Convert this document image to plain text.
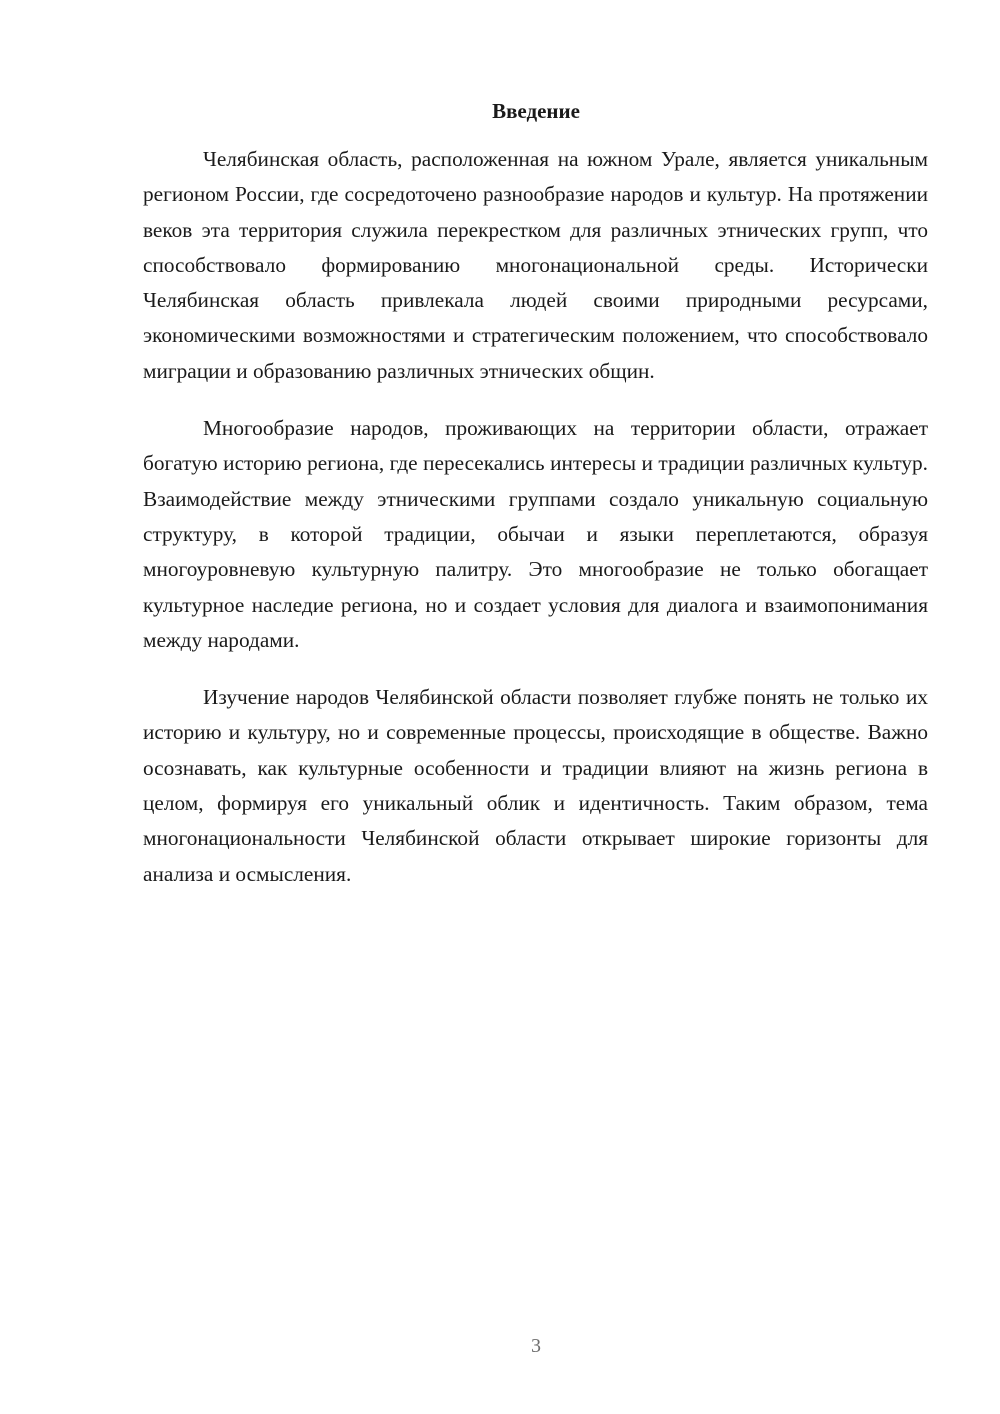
Введение

Челябинская область, расположенная на южном Урале, является уникальным регионом России, где сосредоточено разнообразие народов и культур. На протяжении веков эта территория служила перекрестком для различных этнических групп, что способствовало формированию многонациональной среды. Исторически Челябинская область привлекала людей своими природными ресурсами, экономическими возможностями и стратегическим положением, что способствовало миграции и образованию различных этнических общин.

Многообразие народов, проживающих на территории области, отражает богатую историю региона, где пересекались интересы и традиции различных культур. Взаимодействие между этническими группами создало уникальную социальную структуру, в которой традиции, обычаи и языки переплетаются, образуя многоуровневую культурную палитру. Это многообразие не только обогащает культурное наследие региона, но и создает условия для диалога и взаимопонимания между народами.

Изучение народов Челябинской области позволяет глубже понять не только их историю и культуру, но и современные процессы, происходящие в обществе. Важно осознавать, как культурные особенности и традиции влияют на жизнь региона в целом, формируя его уникальный облик и идентичность. Таким образом, тема многонациональности Челябинской области открывает широкие горизонты для анализа и осмысления.

3
